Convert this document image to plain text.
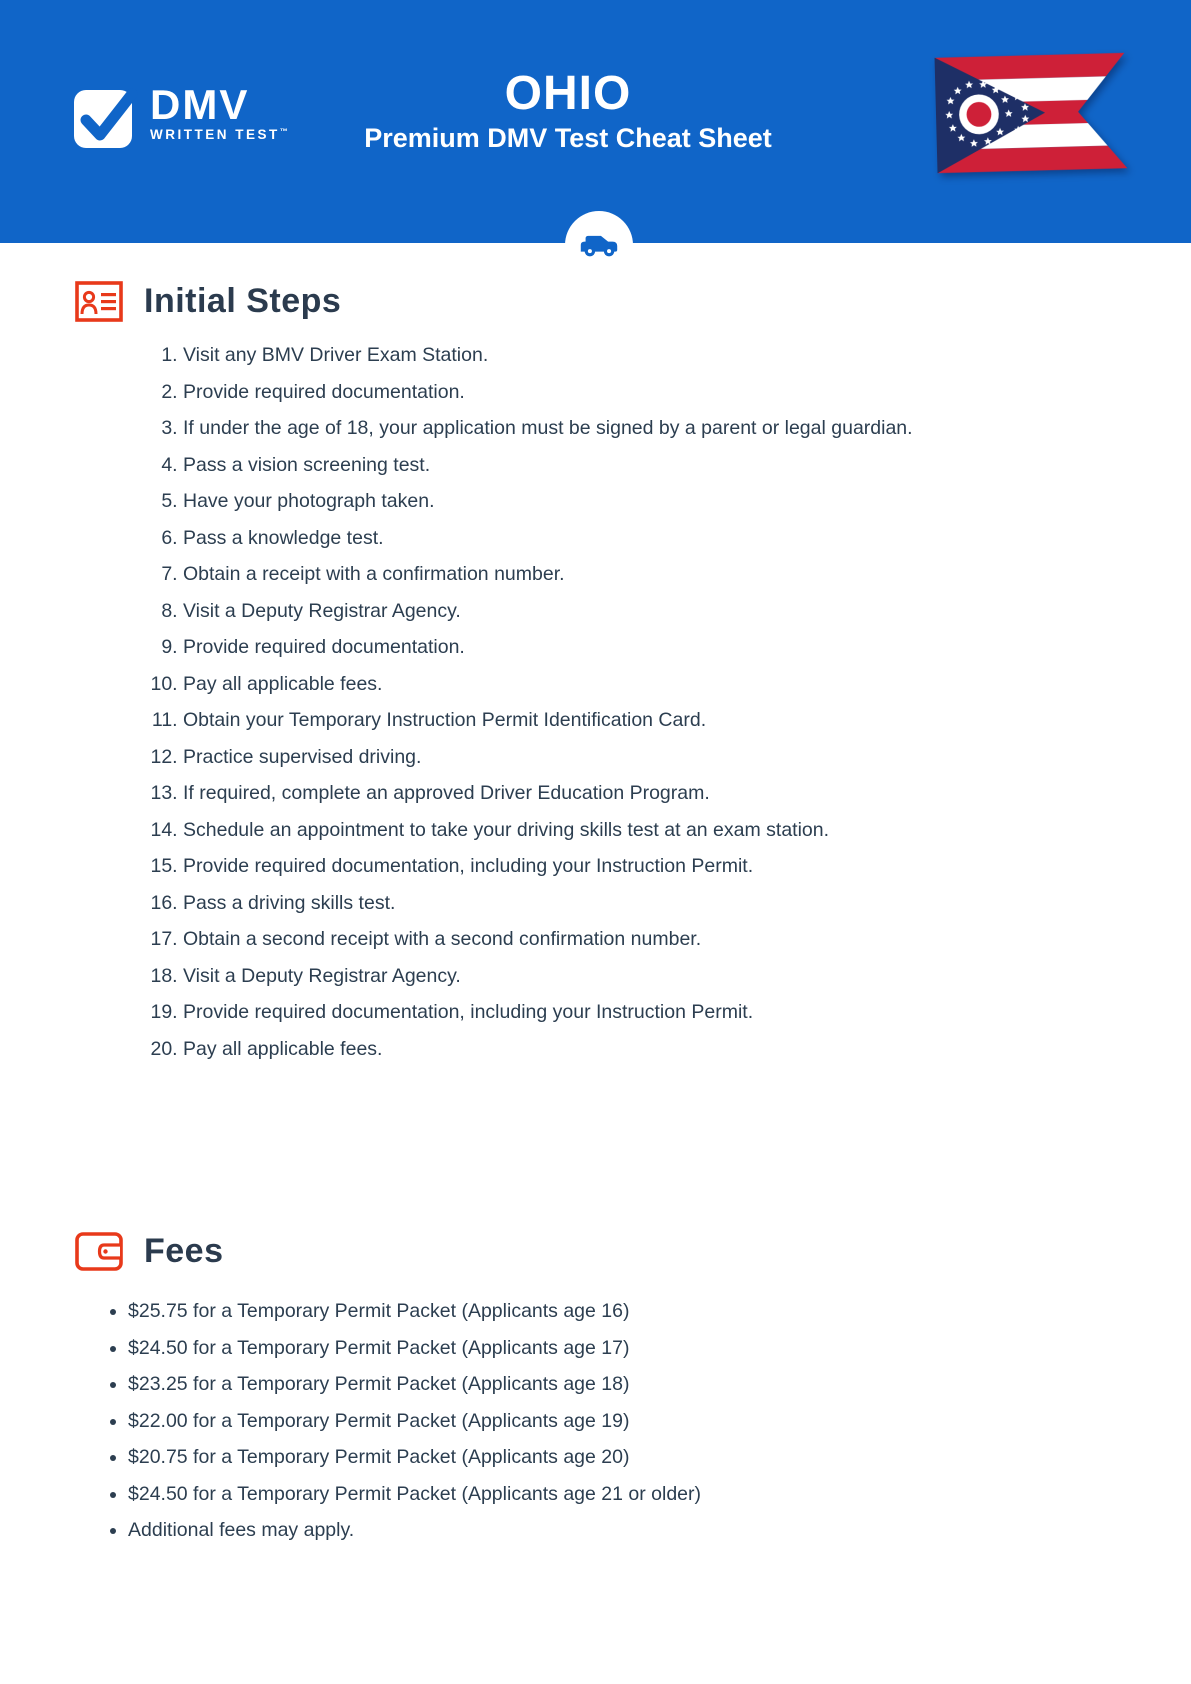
DMV
WRITTEN TEST™
OHIO
Premium DMV Test Cheat Sheet
Initial Steps
1. Visit any BMV Driver Exam Station.
2. Provide required documentation.
3. If under the age of 18, your application must be signed by a parent or legal guardian.
4. Pass a vision screening test.
5. Have your photograph taken.
6. Pass a knowledge test.
7. Obtain a receipt with a confirmation number.
8. Visit a Deputy Registrar Agency.
9. Provide required documentation.
10. Pay all applicable fees.
11. Obtain your Temporary Instruction Permit Identification Card.
12. Practice supervised driving.
13. If required, complete an approved Driver Education Program.
14. Schedule an appointment to take your driving skills test at an exam station.
15. Provide required documentation, including your Instruction Permit.
16. Pass a driving skills test.
17. Obtain a second receipt with a second confirmation number.
18. Visit a Deputy Registrar Agency.
19. Provide required documentation, including your Instruction Permit.
20. Pay all applicable fees.
Fees
• $25.75 for a Temporary Permit Packet (Applicants age 16)
• $24.50 for a Temporary Permit Packet (Applicants age 17)
• $23.25 for a Temporary Permit Packet (Applicants age 18)
• $22.00 for a Temporary Permit Packet (Applicants age 19)
• $20.75 for a Temporary Permit Packet (Applicants age 20)
• $24.50 for a Temporary Permit Packet (Applicants age 21 or older)
• Additional fees may apply.
